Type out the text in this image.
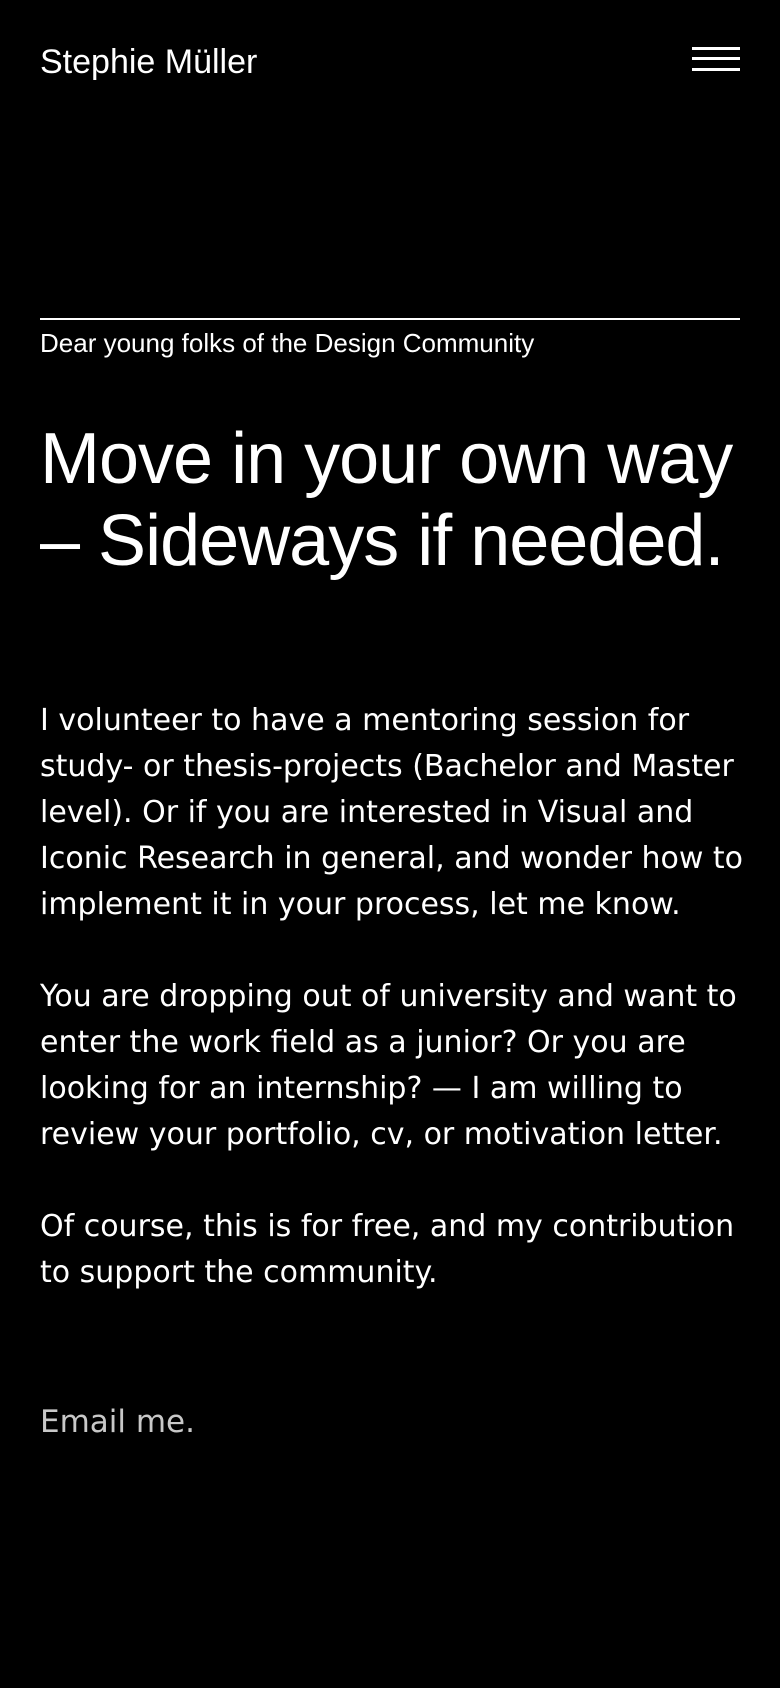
Stephie Müller
Dear young folks of the Design Community
Move in your own way
– Sideways if needed.

I volunteer to have a mentoring session for study- or thesis-projects (Bachelor and Master level). Or if you are interested in Visual and Iconic Research in general, and wonder how to implement it in your process, let me know.

You are dropping out of university and want to enter the work field as a junior? Or you are looking for an internship? — I am willing to review your portfolio, cv, or motivation letter.

Of course, this is for free, and my contribution to support the community.

Email me.
